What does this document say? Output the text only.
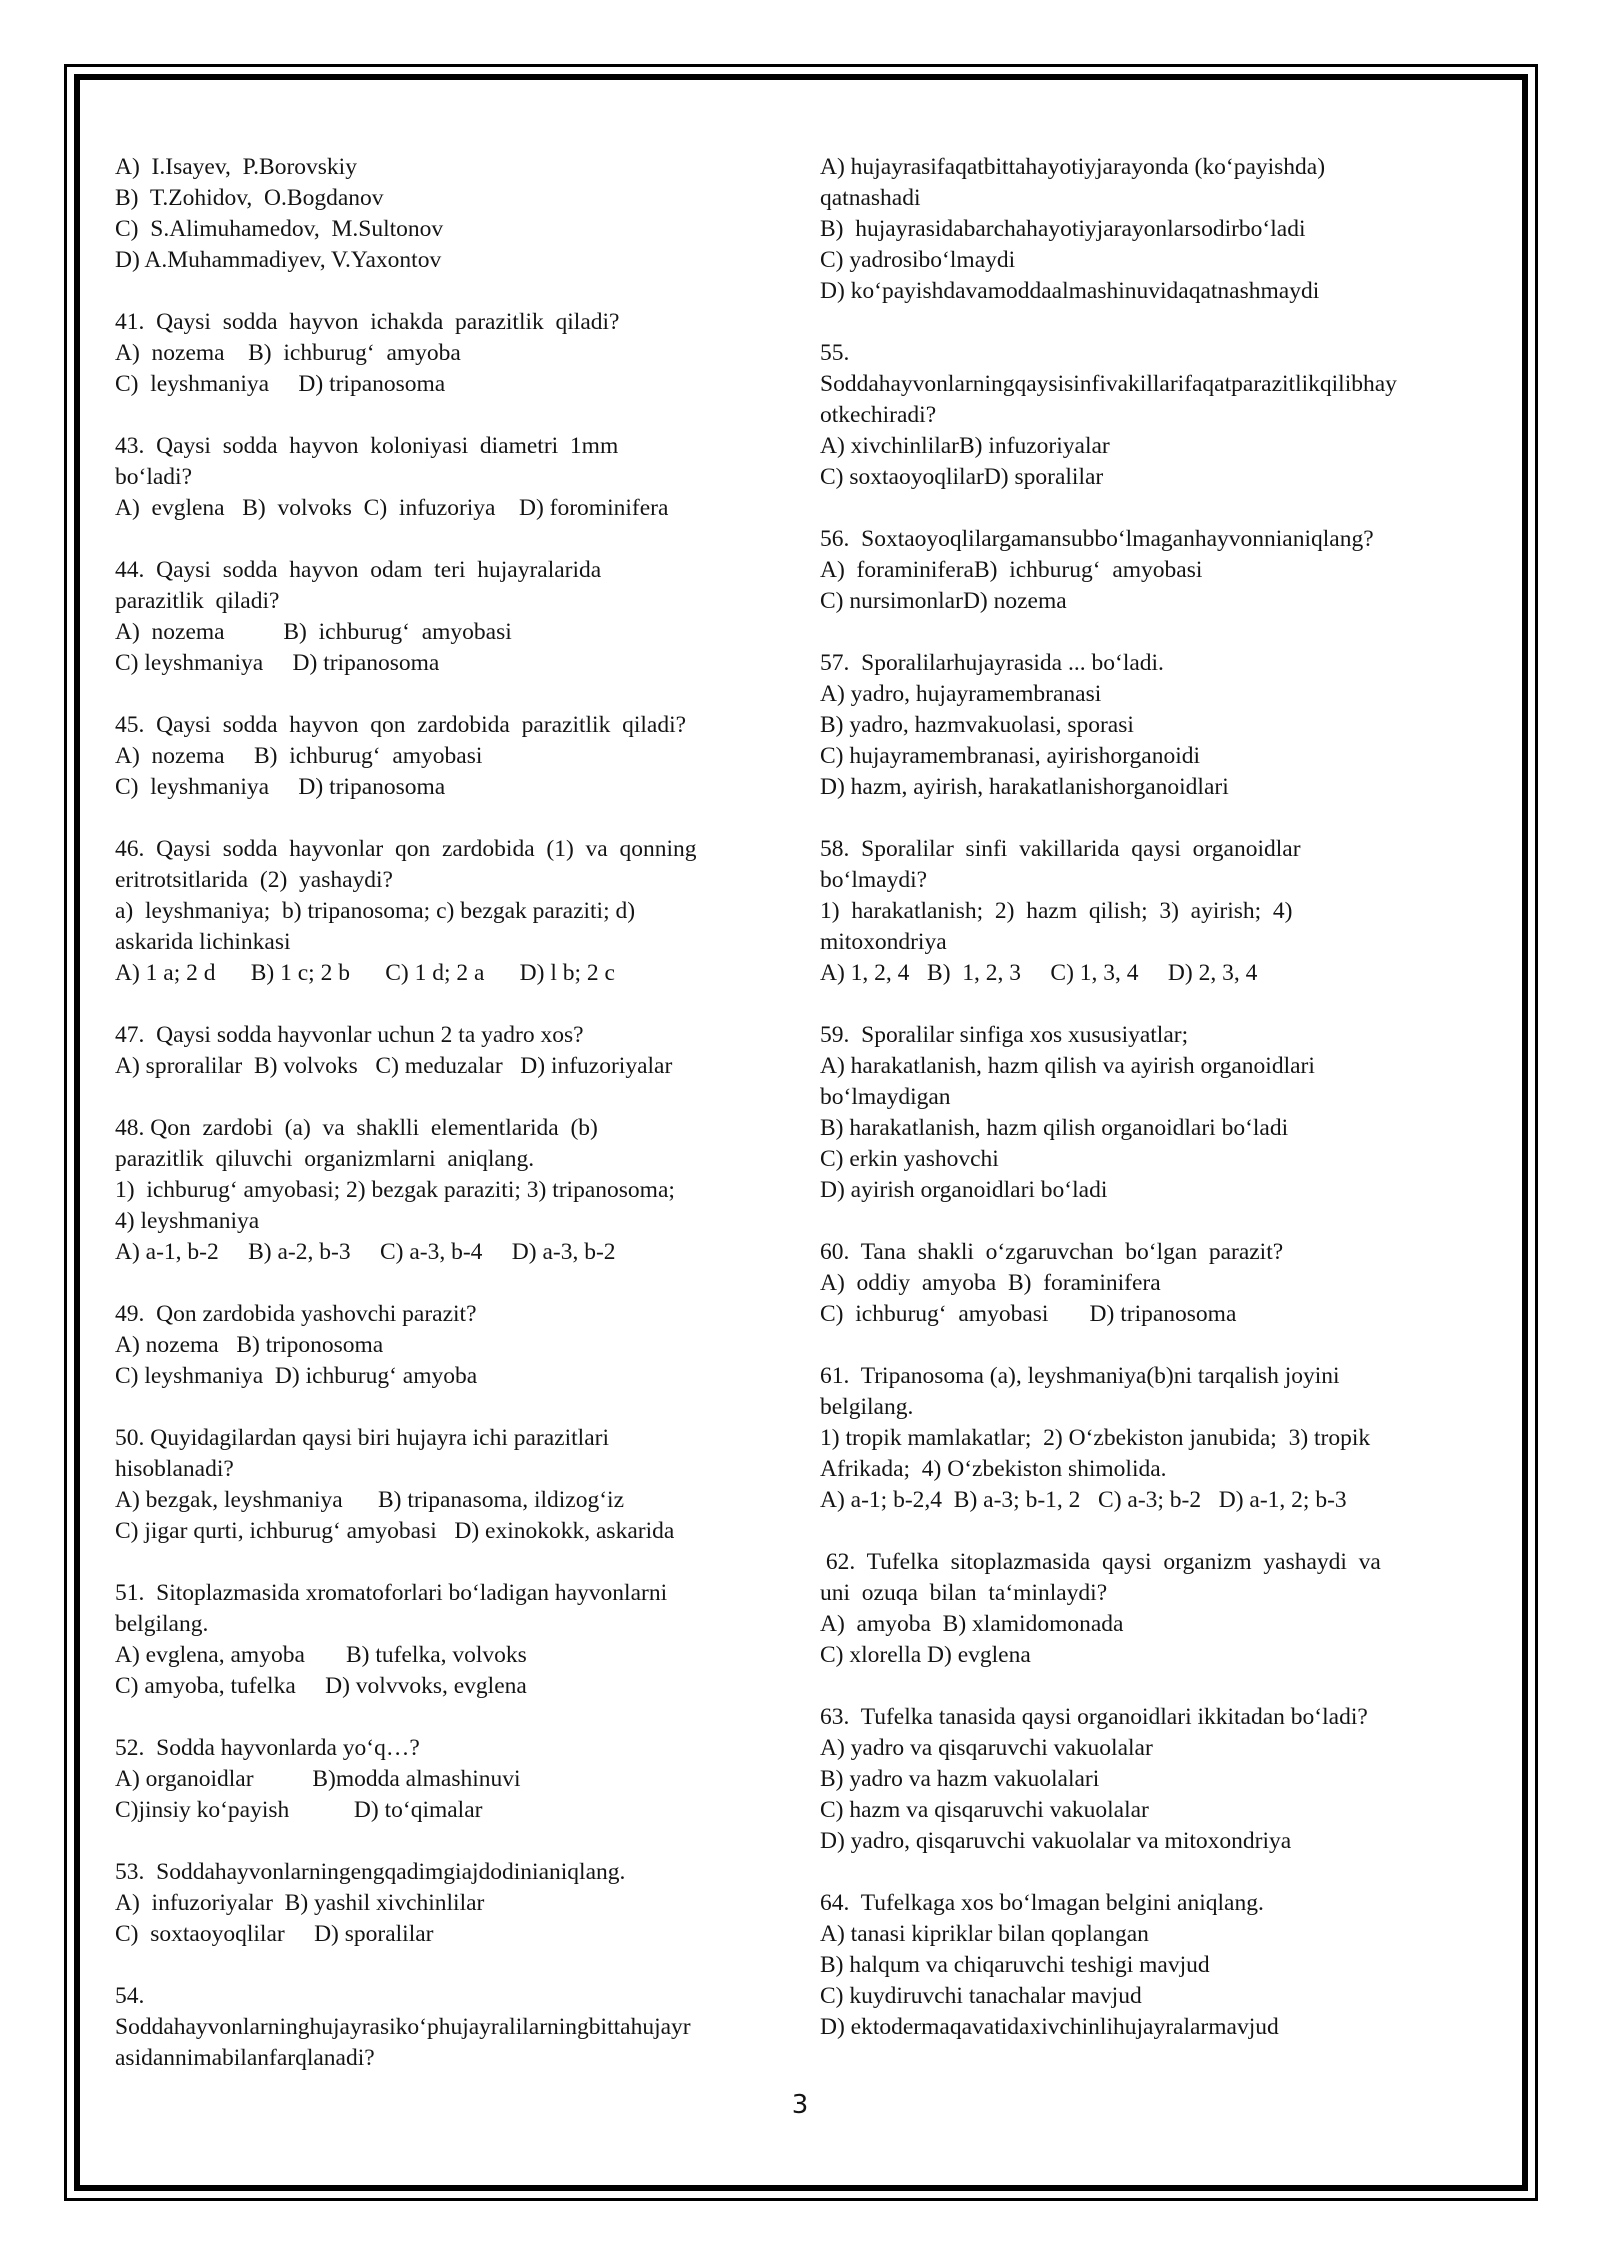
A)  I.Isayev,  P.Borovskiy
B)  T.Zohidov,  O.Bogdanov
C)  S.Alimuhamedov,  M.Sultonov
D) A.Muhammadiyev, V.Yaxontov
41.  Qaysi  sodda  hayvon  ichakda  parazitlik  qiladi?
A)  nozema    B)  ichburug‘  amyoba
C)  leyshmaniya     D) tripanosoma
43.  Qaysi  sodda  hayvon  koloniyasi  diametri  1mm
bo‘ladi?
A)  evglena   B)  volvoks  C)  infuzoriya    D) forominifera
44.  Qaysi  sodda  hayvon  odam  teri  hujayralarida
parazitlik  qiladi?
A)  nozema          B)  ichburug‘  amyobasi
C) leyshmaniya     D) tripanosoma
45.  Qaysi  sodda  hayvon  qon  zardobida  parazitlik  qiladi?
A)  nozema     B)  ichburug‘  amyobasi
C)  leyshmaniya     D) tripanosoma
46.  Qaysi  sodda  hayvonlar  qon  zardobida  (1)  va  qonning
eritrotsitlarida  (2)  yashaydi?
a)  leyshmaniya;  b) tripanosoma; c) bezgak paraziti; d)
askarida lichinkasi
A) 1 a; 2 d      B) 1 c; 2 b      C) 1 d; 2 a      D) l b; 2 c
47.  Qaysi sodda hayvonlar uchun 2 ta yadro xos?
A) sproralilar  B) volvoks   C) meduzalar   D) infuzoriyalar
48. Qon  zardobi  (a)  va  shaklli  elementlarida  (b)
parazitlik  qiluvchi  organizmlarni  aniqlang.
1)  ichburug‘ amyobasi; 2) bezgak paraziti; 3) tripanosoma;
4) leyshmaniya
A) a-1, b-2     B) a-2, b-3     C) a-3, b-4     D) a-3, b-2
49.  Qon zardobida yashovchi parazit?
A) nozema   B) triponosoma
C) leyshmaniya  D) ichburug‘ amyoba
50. Quyidagilardan qaysi biri hujayra ichi parazitlari
hisoblanadi?
A) bezgak, leyshmaniya      B) tripanasoma, ildizog‘iz
C) jigar qurti, ichburug‘ amyobasi   D) exinokokk, askarida
51.  Sitoplazmasida xromatoforlari bo‘ladigan hayvonlarni
belgilang.
A) evglena, amyoba       B) tufelka, volvoks
C) amyoba, tufelka     D) volvvoks, evglena
52.  Sodda hayvonlarda yo‘q…?
A) organoidlar          B)modda almashinuvi
C)jinsiy ko‘payish           D) to‘qimalar
53.  Soddahayvonlarningengqadimgiajdodinianiqlang.
A)  infuzoriyalar  B) yashil xivchinlilar
C)  soxtaoyoqlilar     D) sporalilar
54.
Soddahayvonlarninghujayrasiko‘phujayralilarningbittahujayr
asidannimabilanfarqlanadi?
A) hujayrasifaqatbittahayotiyjarayonda (ko‘payishda)
qatnashadi
B)  hujayrasidabarchahayotiyjarayonlarsodirbo‘ladi
C) yadrosibo‘lmaydi
D) ko‘payishdavamoddaalmashinuvidaqatnashmaydi
55.
Soddahayvonlarningqaysisinfivakillarifaqatparazitlikqilibhay
otkechiradi?
A) xivchinlilarB) infuzoriyalar
C) soxtaoyoqlilarD) sporalilar
56.  Soxtaoyoqlilargamansubbo‘lmaganhayvonnianiqlang?
A)  foraminiferaB)  ichburug‘  amyobasi
C) nursimonlarD) nozema
57.  Sporalilarhujayrasida ... bo‘ladi.
A) yadro, hujayramembranasi
B) yadro, hazmvakuolasi, sporasi
C) hujayramembranasi, ayirishorganoidi
D) hazm, ayirish, harakatlanishorganoidlari
58.  Sporalilar  sinfi  vakillarida  qaysi  organoidlar
bo‘lmaydi?
1)  harakatlanish;  2)  hazm  qilish;  3)  ayirish;  4)
mitoxondriya
A) 1, 2, 4   B)  1, 2, 3     C) 1, 3, 4     D) 2, 3, 4
59.  Sporalilar sinfiga xos xususiyatlar;
A) harakatlanish, hazm qilish va ayirish organoidlari
bo‘lmaydigan
B) harakatlanish, hazm qilish organoidlari bo‘ladi
C) erkin yashovchi
D) ayirish organoidlari bo‘ladi
60.  Tana  shakli  o‘zgaruvchan  bo‘lgan  parazit?
A)  oddiy  amyoba  B)  foraminifera
C)  ichburug‘  amyobasi       D) tripanosoma
61.  Tripanosoma (a), leyshmaniya(b)ni tarqalish joyini
belgilang.
1) tropik mamlakatlar;  2) O‘zbekiston janubida;  3) tropik
Afrikada;  4) O‘zbekiston shimolida.
A) a-1; b-2,4  B) a-3; b-1, 2   C) a-3; b-2   D) a-1, 2; b-3
62.  Tufelka  sitoplazmasida  qaysi  organizm  yashaydi  va
uni  ozuqa  bilan  ta‘minlaydi?
A)  amyoba  B) xlamidomonada
C) xlorella D) evglena
63.  Tufelka tanasida qaysi organoidlari ikkitadan bo‘ladi?
A) yadro va qisqaruvchi vakuolalar
B) yadro va hazm vakuolalari
C) hazm va qisqaruvchi vakuolalar
D) yadro, qisqaruvchi vakuolalar va mitoxondriya
64.  Tufelkaga xos bo‘lmagan belgini aniqlang.
A) tanasi kipriklar bilan qoplangan
B) halqum va chiqaruvchi teshigi mavjud
C) kuydiruvchi tanachalar mavjud
D) ektodermaqavatidaxivchinlihujayralarmavjud
3
